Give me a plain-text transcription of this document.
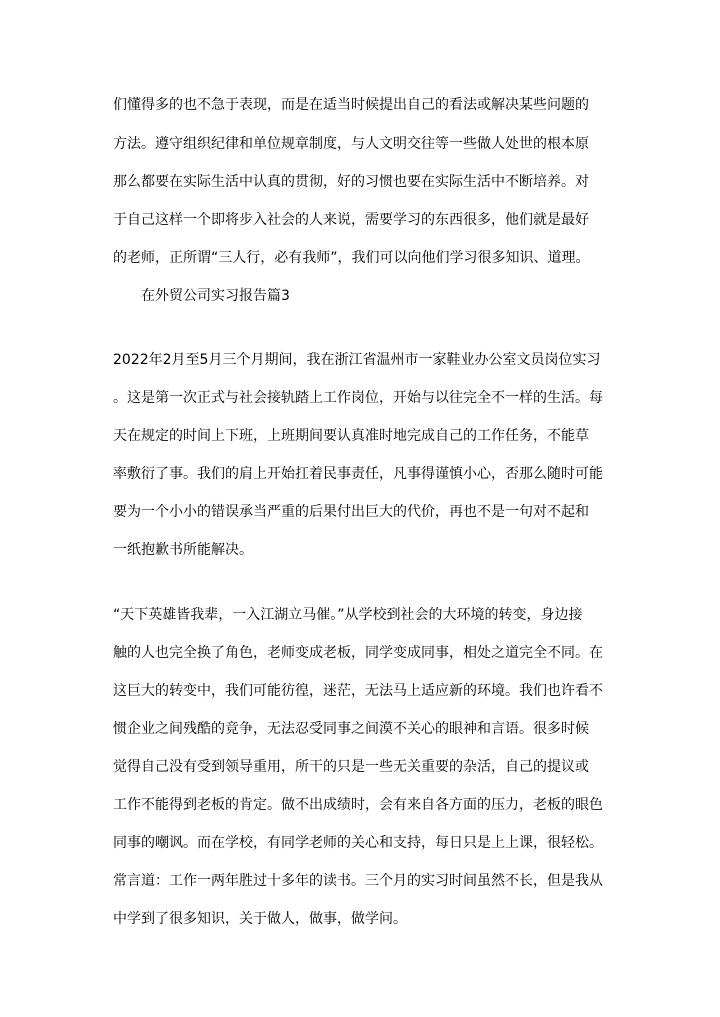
们懂得多的也不急于表现，而是在适当时候提出自己的看法或解决某些问题的
方法。遵守组织纪律和单位规章制度，与人文明交往等一些做人处世的根本原
那么都要在实际生活中认真的贯彻，好的习惯也要在实际生活中不断培养。对
于自己这样一个即将步入社会的人来说，需要学习的东西很多，他们就是最好
的老师，正所谓“三人行，必有我师”，我们可以向他们学习很多知识、道理。
在外贸公司实习报告篇3
2022年2月至5月三个月期间，我在浙江省温州市一家鞋业办公室文员岗位实习
。这是第一次正式与社会接轨踏上工作岗位，开始与以往完全不一样的生活。每
天在规定的时间上下班，上班期间要认真准时地完成自己的工作任务，不能草
率敷衍了事。我们的肩上开始扛着民事责任，凡事得谨慎小心，否那么随时可能
要为一个小小的错误承当严重的后果付出巨大的代价，再也不是一句对不起和
一纸抱歉书所能解决。
“天下英雄皆我辈，一入江湖立马催。”从学校到社会的大环境的转变，身边接
触的人也完全换了角色，老师变成老板，同学变成同事，相处之道完全不同。在
这巨大的转变中，我们可能彷徨，迷茫，无法马上适应新的环境。我们也许看不
惯企业之间残酷的竞争，无法忍受同事之间漠不关心的眼神和言语。很多时候
觉得自己没有受到领导重用，所干的只是一些无关重要的杂活，自己的提议或
工作不能得到老板的肯定。做不出成绩时，会有来自各方面的压力，老板的眼色
同事的嘲讽。而在学校，有同学老师的关心和支持，每日只是上上课，很轻松。
常言道：工作一两年胜过十多年的读书。三个月的实习时间虽然不长，但是我从
中学到了很多知识，关于做人，做事，做学问。
